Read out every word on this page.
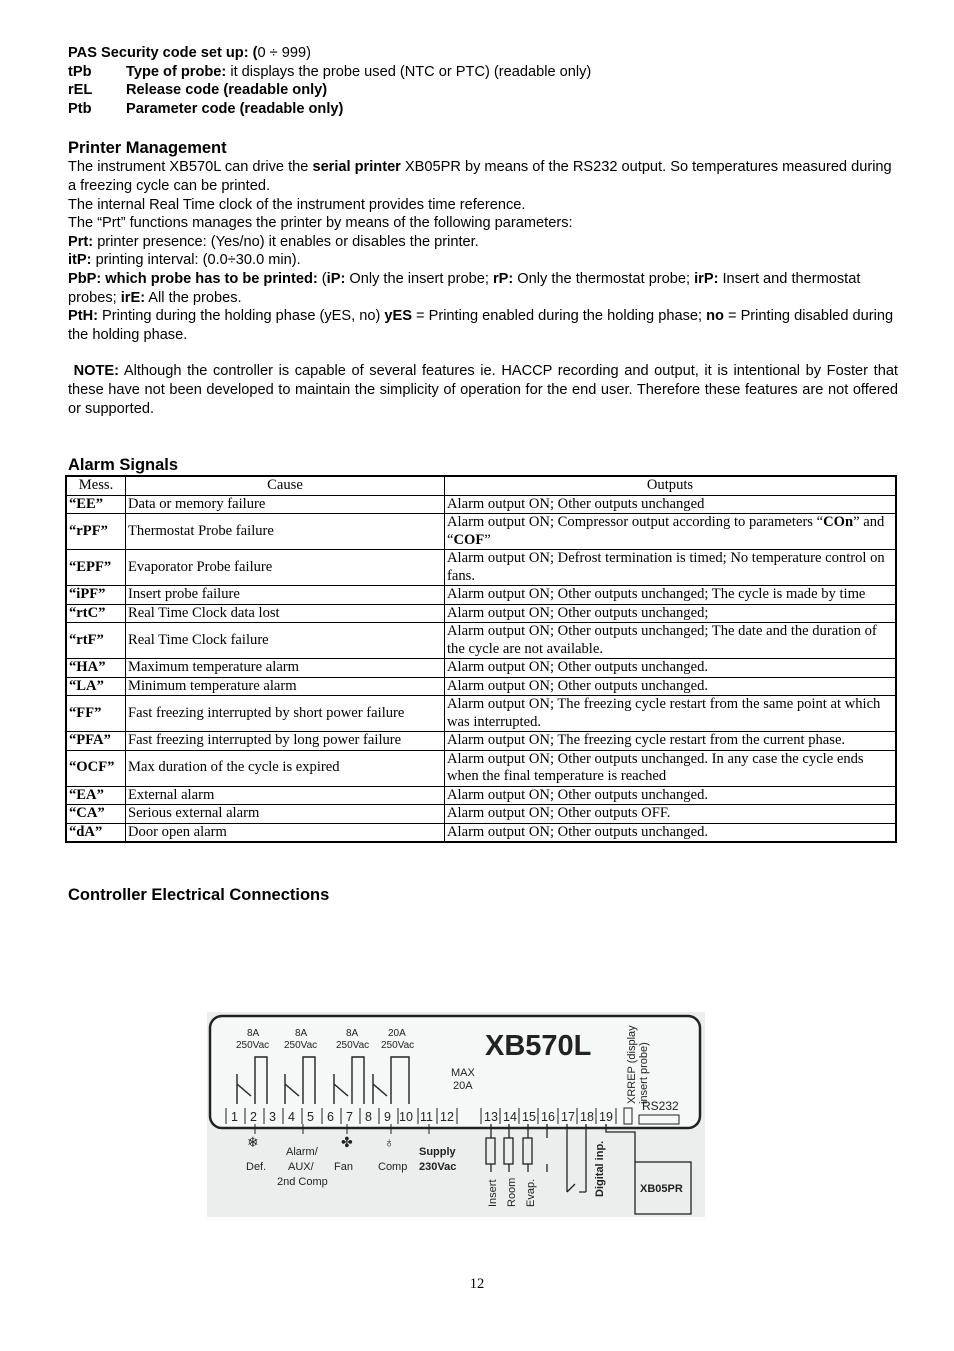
PAS Security code set up: (0 ÷ 999)
tPb	Type of probe: it displays the probe used (NTC or PTC) (readable only)
rEL	Release code (readable only)
Ptb	Parameter code (readable only)
Printer Management

The instrument XB570L can drive the serial printer XB05PR by means of the RS232 output. So temperatures measured during a freezing cycle can be printed.

The internal Real Time clock of the instrument provides time reference.

The “Prt” functions manages the printer by means of the following parameters:

Prt: printer presence: (Yes/no) it enables or disables the printer.

itP: printing interval: (0.0÷30.0 min).

PbP: which probe has to be printed: (iP: Only the insert probe; rP: Only the thermostat probe; irP: Insert and thermostat probes; irE: All the probes.

PtH: Printing during the holding phase (yES, no) yES = Printing enabled during the holding phase; no = Printing disabled during the holding phase.

NOTE: Although the controller is capable of several features ie. HACCP recording and output, it is intentional by Foster that these have not been developed to maintain the simplicity of operation for the end user. Therefore these features are not offered or supported.

Alarm Signals
Mess.	Cause	Outputs
“EE”	Data or memory failure	Alarm output ON; Other outputs unchanged
“rPF”	Thermostat Probe failure	Alarm output ON; Compressor output according to parameters “COn” and “COF”
“EPF”	Evaporator Probe failure	Alarm output ON; Defrost termination is timed; No temperature control on fans.
“iPF”	Insert probe failure	Alarm output ON; Other outputs unchanged; The cycle is made by time
“rtC”	Real Time Clock data lost	Alarm output ON; Other outputs unchanged;
“rtF”	Real Time Clock failure	Alarm output ON; Other outputs unchanged; The date and the duration of the cycle are not available.
“HA”	Maximum temperature alarm	Alarm output ON; Other outputs unchanged.
“LA”	Minimum temperature alarm	Alarm output ON; Other outputs unchanged.
“FF”	Fast freezing interrupted by short power failure	Alarm output ON; The freezing cycle restart from the same point at which was interrupted.
“PFA”	Fast freezing interrupted by long power failure	Alarm output ON; The freezing cycle restart from the current phase.
“OCF”	Max duration of the cycle is expired	Alarm output ON; Other outputs unchanged. In any case the cycle ends when the final temperature is reached
“EA”	External alarm	Alarm output ON; Other outputs unchanged.
“CA”	Serious external alarm	Alarm output ON; Other outputs OFF.
“dA”	Door open alarm	Alarm output ON; Other outputs unchanged.
Controller Electrical Connections
8A
250Vac
8A
250Vac
8A
250Vac
20A
250Vac XB570L
MAX
20A
1 2 3 4 5 6 7 8 9 10 11 12 13 14 15 16 17 18 19
XRREP (display insert probe)
RS232
❄	✤ ♁
Def.
Alarm/
AUX/
2nd Comp
Fan Comp
Supply
230Vac
Insert Room Evap.	Digital inp.	XB05PR
12
